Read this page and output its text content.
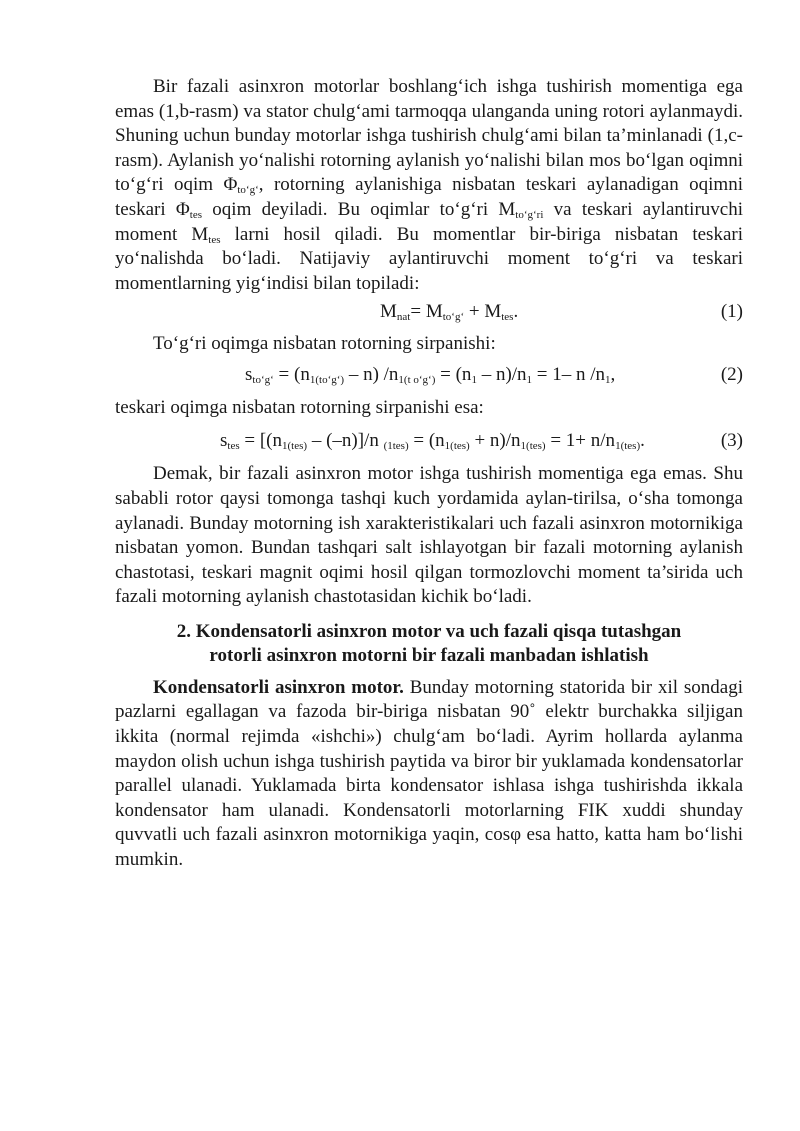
Bir fazali asinxron motorlar boshlang‘ich ishga tushirish momentiga ega emas (1,b-rasm) va stator chulg‘ami tarmoqqa ulanganda uning rotori aylanmaydi. Shuning uchun bunday motorlar ishga tushirish chulg‘ami bilan ta’minlanadi (1,c-rasm). Aylanish yo‘nalishi rotorning aylanish yo‘nalishi bilan mos bo‘lgan oqimni to‘g‘ri oqim $\Phi_{to‘g‘}$, rotorning aylanishiga nisbatan teskari aylanadigan oqimni teskari $\Phi_{tes}$ oqim deyiladi. Bu oqimlar to‘g‘ri $M_{to‘g‘ri}$ va teskari aylantiruvchi moment $M_{tes}$ larni hosil qiladi. Bu momentlar bir-biriga nisbatan teskari yo‘nalishda bo‘ladi. Natijaviy aylantiruvchi moment to‘g‘ri va teskari momentlarning yig‘indisi bilan topiladi:

$M_{nat}= M_{to‘g‘} + M_{tes}$.	(1)

To‘g‘ri oqimga nisbatan rotorning sirpanishi:

$s_{to‘g‘} = (n_{1(to‘g‘)} - n) /n_{1(t o‘g‘)} = (n_1 - n)/n_1 = 1-$ n $/n_1$,	(2)

teskari oqimga nisbatan rotorning sirpanishi esa:

$s_{tes} = [(n_{1(tes)} - (-n)]/n$ $_{(1tes)} = (n_{1(tes)} + n)/n_{1(tes)} = 1+ n/n_{1(tes)}$.	(3)

Demak, bir fazali asinxron motor ishga tushirish momentiga ega emas. Shu sababli rotor qaysi tomonga tashqi kuch yordamida aylan-tirilsa, o‘sha tomonga aylanadi. Bunday motorning ish xarakteristikalari uch fazali asinxron motornikiga nisbatan yomon. Bundan tashqari salt ishlayotgan bir fazali motorning aylanish chastotasi, teskari magnit oqimi hosil qilgan tormozlovchi moment ta’sirida uch fazali motorning aylanish chastotasidan kichik bo‘ladi.

2. Kondensatorli asinxron motor va uch fazali qisqa tutashgan
rotorli asinxron motorni bir fazali manbadan ishlatish

Kondensatorli asinxron motor. Bunday motorning statorida bir xil sondagi pazlarni egallagan va fazoda bir-biriga nisbatan 90˚ elektr burchakka siljigan ikkita (normal rejimda «ishchi») chulg‘am bo‘ladi. Ayrim hollarda aylanma maydon olish uchun ishga tushirish paytida va biror bir yuklamada kondensatorlar parallel ulanadi. Yuklamada birta kondensator ishlasa ishga tushirishda ikkala kondensator ham ulanadi. Kondensatorli motorlarning FIK xuddi shunday quvvatli uch fazali asinxron motornikiga yaqin, cosφ esa hatto, katta ham bo‘lishi mumkin.
